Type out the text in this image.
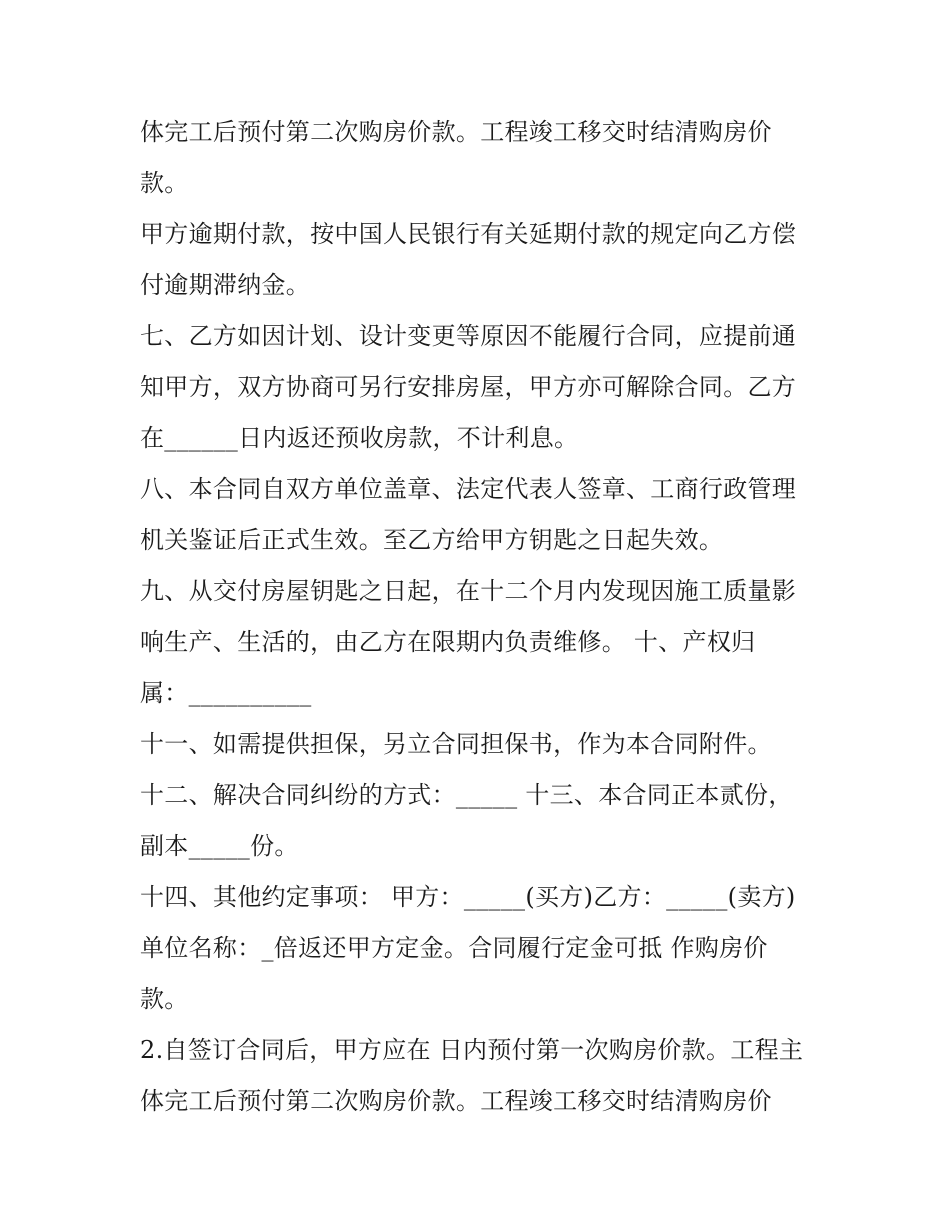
体完工后预付第二次购房价款。工程竣工移交时结清购房价
款。
甲方逾期付款，按中国人民银行有关延期付款的规定向乙方偿
付逾期滞纳金。
七、乙方如因计划、设计变更等原因不能履行合同，应提前通
知甲方，双方协商可另行安排房屋，甲方亦可解除合同。乙方
在______日内返还预收房款，不计利息。
八、本合同自双方单位盖章、法定代表人签章、工商行政管理
机关鉴证后正式生效。至乙方给甲方钥匙之日起失效。
九、从交付房屋钥匙之日起，在十二个月内发现因施工质量影
响生产、生活的，由乙方在限期内负责维修。 十、产权归
属：__________
十一、如需提供担保，另立合同担保书，作为本合同附件。
十二、解决合同纠纷的方式：_____ 十三、本合同正本贰份，
副本_____份。
十四、其他约定事项： 甲方：_____(买方)乙方：_____(卖方)
单位名称：_倍返还甲方定金。合同履行定金可抵 作购房价
款。
2.自签订合同后，甲方应在 日内预付第一次购房价款。工程主
体完工后预付第二次购房价款。工程竣工移交时结清购房价
